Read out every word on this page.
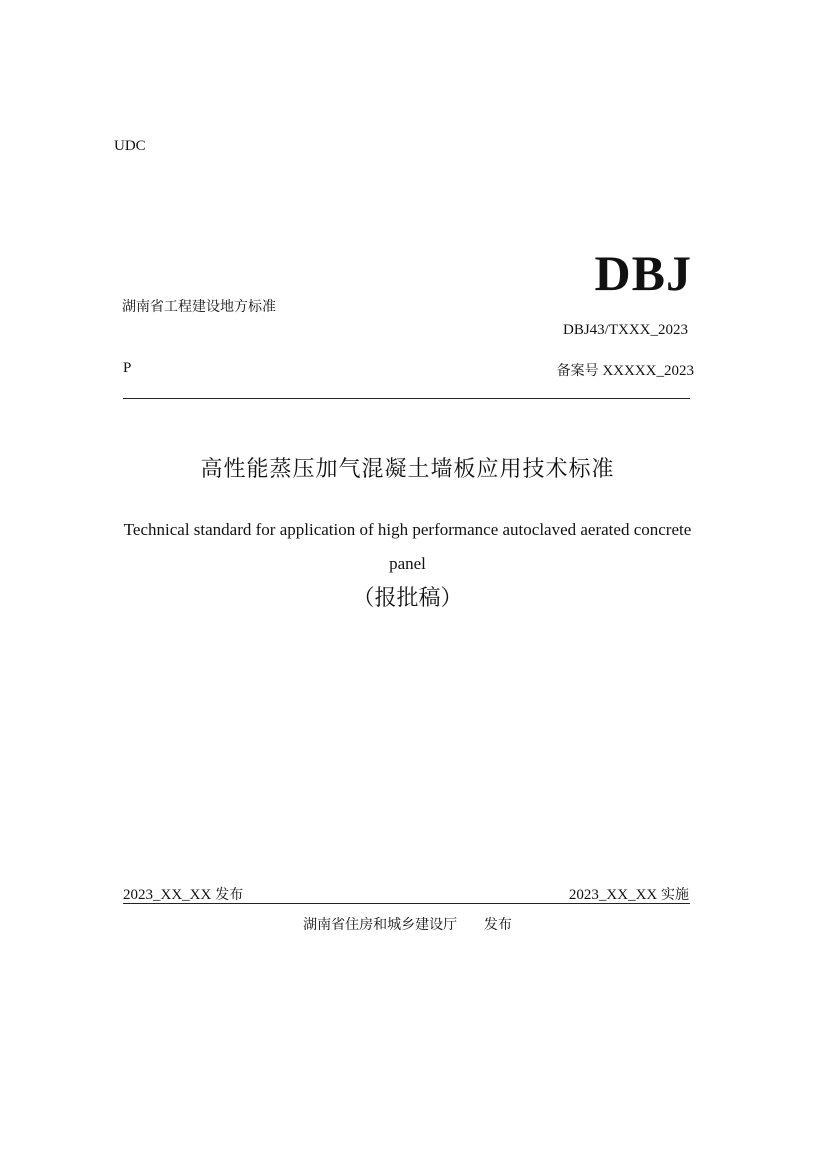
UDC
DBJ
湖南省工程建设地方标准
DBJ43/TXXX_2023
P	备案号 XXXXX_2023
高性能蒸压加气混凝土墙板应用技术标准
Technical standard for application of high performance autoclaved aerated concrete panel
（报批稿）
2023_XX_XX 发布	2023_XX_XX 实施
湖南省住房和城乡建设厅 发布
